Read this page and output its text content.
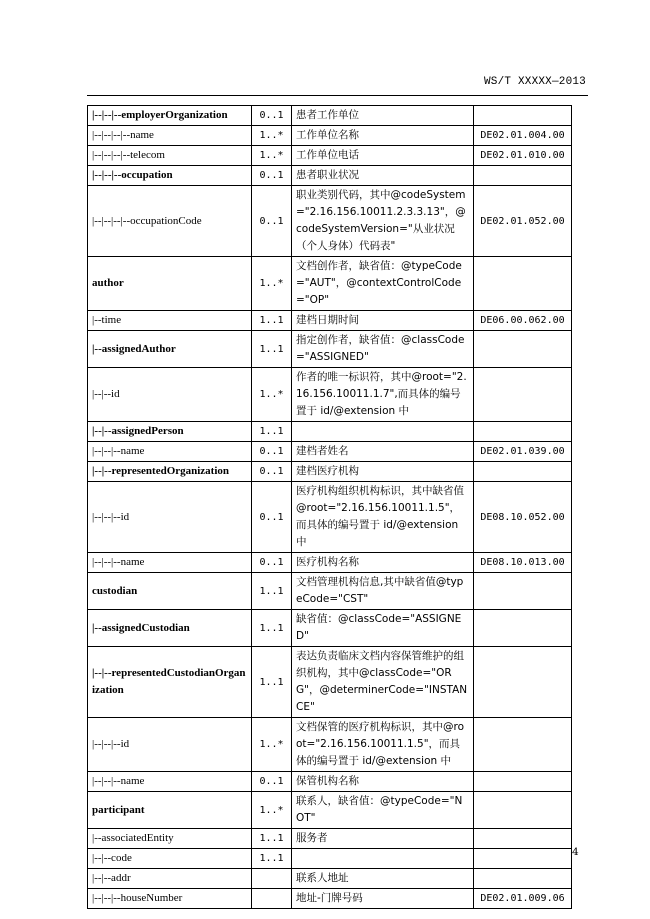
WS/T XXXXX—2013
|--|--|--employerOrganization	0..1	患者工作单位	
|--|--|--|--name	1..*	工作单位名称	DE02.01.004.00
|--|--|--|--telecom	1..*	工作单位电话	DE02.01.010.00
|--|--|--occupation	0..1	患者职业状况	
|--|--|--|--occupationCode	0..1	职业类别代码，其中@codeSystem="2.16.156.10011.2.3.3.13"，@codeSystemVersion="从业状况（个人身体）代码表"	DE02.01.052.00
author	1..*	文档创作者，缺省值：@typeCode="AUT"，@contextControlCode="OP"	
|--time	1..1	建档日期时间	DE06.00.062.00
|--assignedAuthor	1..1	指定创作者，缺省值：@classCode="ASSIGNED"	
|--|--id	1..*	作者的唯一标识符，其中@root="2.16.156.10011.1.7",而具体的编号置于 id/@extension 中	
|--|--assignedPerson	1..1		
|--|--|--name	0..1	建档者姓名	DE02.01.039.00
|--|--representedOrganization	0..1	建档医疗机构	
|--|--|--id	0..1	医疗机构组织机构标识，其中缺省值@root="2.16.156.10011.1.5"，而具体的编号置于 id/@extension 中	DE08.10.052.00
|--|--|--name	0..1	医疗机构名称	DE08.10.013.00
custodian	1..1	文档管理机构信息,其中缺省值@typeCode="CST"	
|--assignedCustodian	1..1	缺省值：@classCode="ASSIGNED"	
|--|--representedCustodianOrganization	1..1	表达负责临床文档内容保管维护的组织机构，其中@classCode="ORG"，@determinerCode="INSTANCE"	
|--|--|--id	1..*	文档保管的医疗机构标识，其中@root="2.16.156.10011.1.5"，而具体的编号置于 id/@extension 中	
|--|--|--name	0..1	保管机构名称	
participant	1..*	联系人，缺省值：@typeCode="NOT"	
|--associatedEntity	1..1	服务者	
|--|--code	1..1		
|--|--addr		联系人地址	
|--|--|--houseNumber		地址-门牌号码	DE02.01.009.06
4
